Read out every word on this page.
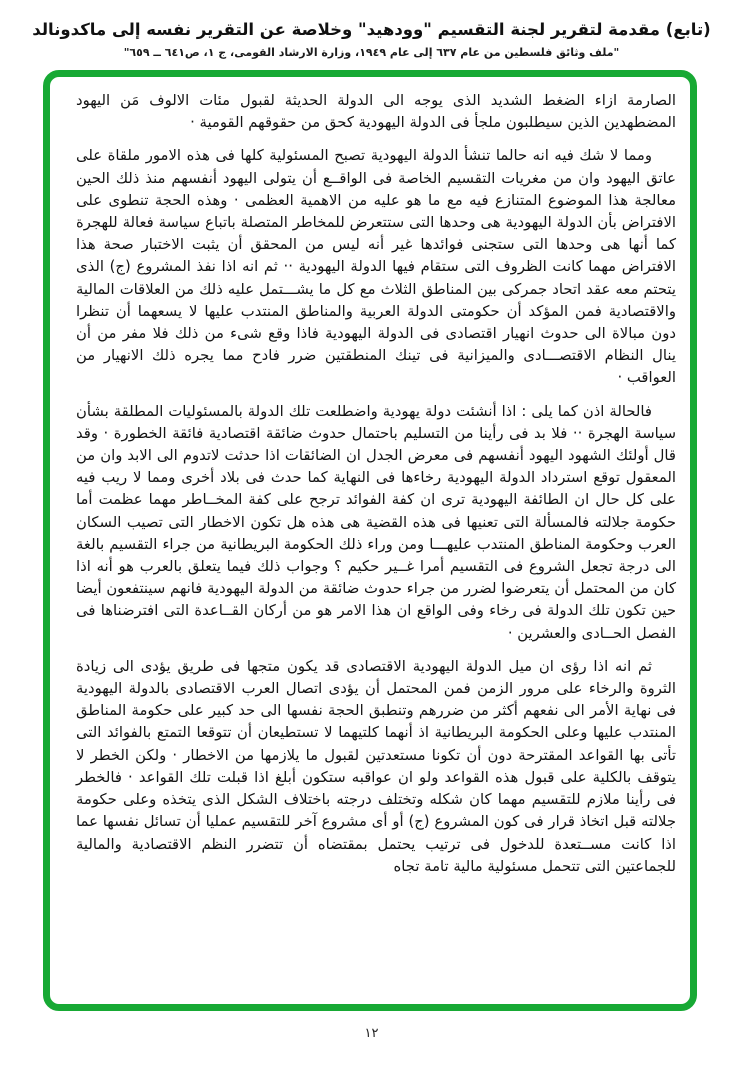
(تابع) مقدمة لتقرير لجنة التقسيم "وودهيد" وخلاصة عن التقرير نفسه إلى ماكدونالد
"ملف وثائق فلسطين من عام ٦٣٧ إلى عام ١٩٤٩، وزارة الارشاد القومى، ج ١، ص٦٤١ ــ ٦٥٩"

الصارمة ازاء الضغط الشديد الذى يوجه الى الدولة الحديثة لقبول مئات الالوف مَن اليهود المضطهدين الذين سيطلبون ملجأ فى الدولة اليهودية كحق من حقوقهم القومية ·

ومما لا شك فيه انه حالما تنشأ الدولة اليهودية تصبح المسئولية كلها فى هذه الامور ملقاة على عاتق اليهود وان من مغريات التقسيم الخاصة فى الواقــع أن يتولى اليهود أنفسهم منذ ذلك الحين معالجة هذا الموضوع المتنازع فيه مع ما هو عليه من الاهمية العظمى · وهذه الحجة تنطوى على الافتراض بأن الدولة اليهودية هى وحدها التى ستتعرض للمخاطر المتصلة باتباع سياسة فعالة للهجرة كما أنها هى وحدها التى ستجنى فوائدها غير أنه ليس من المحقق أن يثبت الاختبار صحة هذا الافتراض مهما كانت الظروف التى ستقام فيها الدولة اليهودية ·· ثم انه اذا نفذ المشروع (ج) الذى يتحتم معه عقد اتحاد جمركى بين المناطق الثلاث مع كل ما يشـــتمل عليه ذلك من العلاقات المالية والاقتصادية فمن المؤكد أن حكومتى الدولة العربية والمناطق المنتدب عليها لا يسعهما أن تنظرا دون مبالاة الى حدوث انهيار اقتصادى فى الدولة اليهودية فاذا وقع شىء من ذلك فلا مفر من أن ينال النظام الاقتصـــادى والميزانية فى تينك المنطقتين ضرر فادح مما يجره ذلك الانهيار من العواقب ·

فالحالة اذن كما يلى : اذا أنشئت دولة يهودية واضطلعت تلك الدولة بالمسئوليات المطلقة بشأن سياسة الهجرة ·· فلا بد فى رأينا من التسليم باحتمال حدوث ضائقة اقتصادية فائقة الخطورة · وقد قال أولئك الشهود اليهود أنفسهم فى معرض الجدل ان الضائقات اذا حدثت لاتدوم الى الابد وان من المعقول توقع استرداد الدولة اليهودية رخاءها فى النهاية كما حدث فى بلاد أخرى ومما لا ريب فيه على كل حال ان الطائفة اليهودية ترى ان كفة الفوائد ترجح على كفة المخــاطر مهما عظمت أما حكومة جلالته فالمسألة التى تعنيها فى هذه القضية هى هذه هل تكون الاخطار التى تصيب السكان العرب وحكومة المناطق المنتدب عليهـــا ومن وراء ذلك الحكومة البريطانية من جراء التقسيم بالغة الى درجة تجعل الشروع فى التقسيم أمرا غــير حكيم ؟ وجواب ذلك فيما يتعلق بالعرب هو أنه اذا كان من المحتمل أن يتعرضوا لضرر من جراء حدوث ضائقة من الدولة اليهودية فانهم سينتفعون أيضا حين تكون تلك الدولة فى رخاء وفى الواقع ان هذا الامر هو من أركان القــاعدة التى افترضناها فى الفصل الحــادى والعشرين ·

ثم انه اذا رؤى ان ميل الدولة اليهودية الاقتصادى قد يكون متجها فى طريق يؤدى الى زيادة الثروة والرخاء على مرور الزمن فمن المحتمل أن يؤدى اتصال العرب الاقتصادى بالدولة اليهودية فى نهاية الأمر الى نفعهم أكثر من ضررهم وتنطبق الحجة نفسها الى حد كبير على حكومة المناطق المنتدب عليها وعلى الحكومة البريطانية اذ أنهما كلتيهما لا تستطيعان أن تتوقعا التمتع بالفوائد التى تأتى بها القواعد المقترحة دون أن تكونا مستعدتين لقبول ما يلازمها من الاخطار · ولكن الخطر لا يتوقف بالكلية على قبول هذه القواعد ولو ان عواقبه ستكون أبلغ اذا قبلت تلك القواعد · فالخطر فى رأينا ملازم للتقسيم مهما كان شكله وتختلف درجته باختلاف الشكل الذى يتخذه وعلى حكومة جلالته قبل اتخاذ قرار فى كون المشروع (ج) أو أى مشروع آخر للتقسيم عمليا أن تسائل نفسها عما اذا كانت مســتعدة للدخول فى ترتيب يحتمل بمقتضاه أن تتضرر النظم الاقتصادية والمالية للجماعتين التى تتحمل مسئولية مالية تامة تجاه

١٢
